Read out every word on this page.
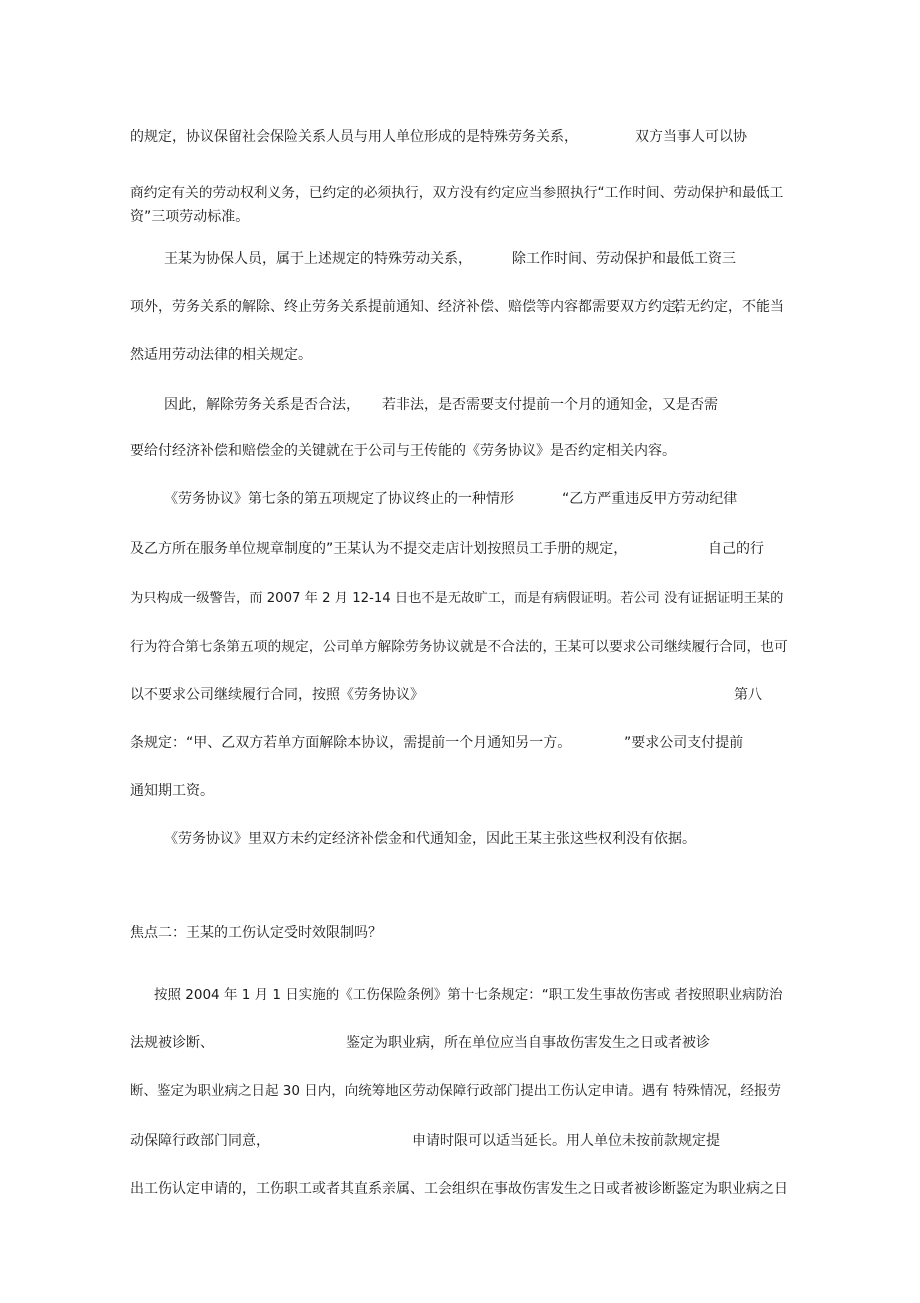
的规定，协议保留社会保险关系人员与用人单位形成的是特殊劳务关系，	双方当事人可以协
商约定有关的劳动权利义务，已约定的必须执行，双方没有约定应当参照执行“工作时间、劳动保护和最低工
资”三项劳动标准。
王某为协保人员，属于上述规定的特殊劳动关系，	除工作时间、劳动保护和最低工资三
项外，劳务关系的解除、终止劳务关系提前通知、经济补偿、赔偿等内容都需要双方约定，
若无约定，不能当
然适用劳动法律的相关规定。
因此，解除劳务关系是否合法， 若非法，是否需要支付提前一个月的通知金，又是否需
要给付经济补偿和赔偿金的关键就在于公司与王传能的《劳务协议》是否约定相关内容。
《劳务协议》第七条的第五项规定了协议终止的一种情形	“乙方严重违反甲方劳动纪律
及乙方所在服务单位规章制度的”王某认为不提交走店计划按照员工手册的规定，	自己的行
为只构成一级警告，而 2007 年 2 月 12-14 日也不是无故旷工，而是有病假证明。若公司 没有证据证明王某的
行为符合第七条第五项的规定，公司单方解除劳务协议就是不合法的，
王某可以要求公司继续履行合同，也可
以不要求公司继续履行合同，按照《劳务协议》	第八
条规定：“甲、乙双方若单方面解除本协议，需提前一个月通知另一方。	”要求公司支付提前
通知期工资。
《劳务协议》里双方未约定经济补偿金和代通知金，因此王某主张这些权利没有依据。
焦点二：王某的工伤认定受时效限制吗？
按照 2004 年 1 月 1 日实施的《工伤保险条例》第十七条规定：“职工发生事故伤害或 者按照职业病防治
法规被诊断、	鉴定为职业病，所在单位应当自事故伤害发生之日或者被诊
断、鉴定为职业病之日起 30 日内，向统筹地区劳动保障行政部门提出工伤认定申请。遇有 特殊情况，经报劳
动保障行政部门同意，	申请时限可以适当延长。 用人单位未按前款规定提
出工伤认定申请的，工伤职工或者其直系亲属、工会组织在事故伤害发生之日或者被诊断、
鉴定为职业病之日
